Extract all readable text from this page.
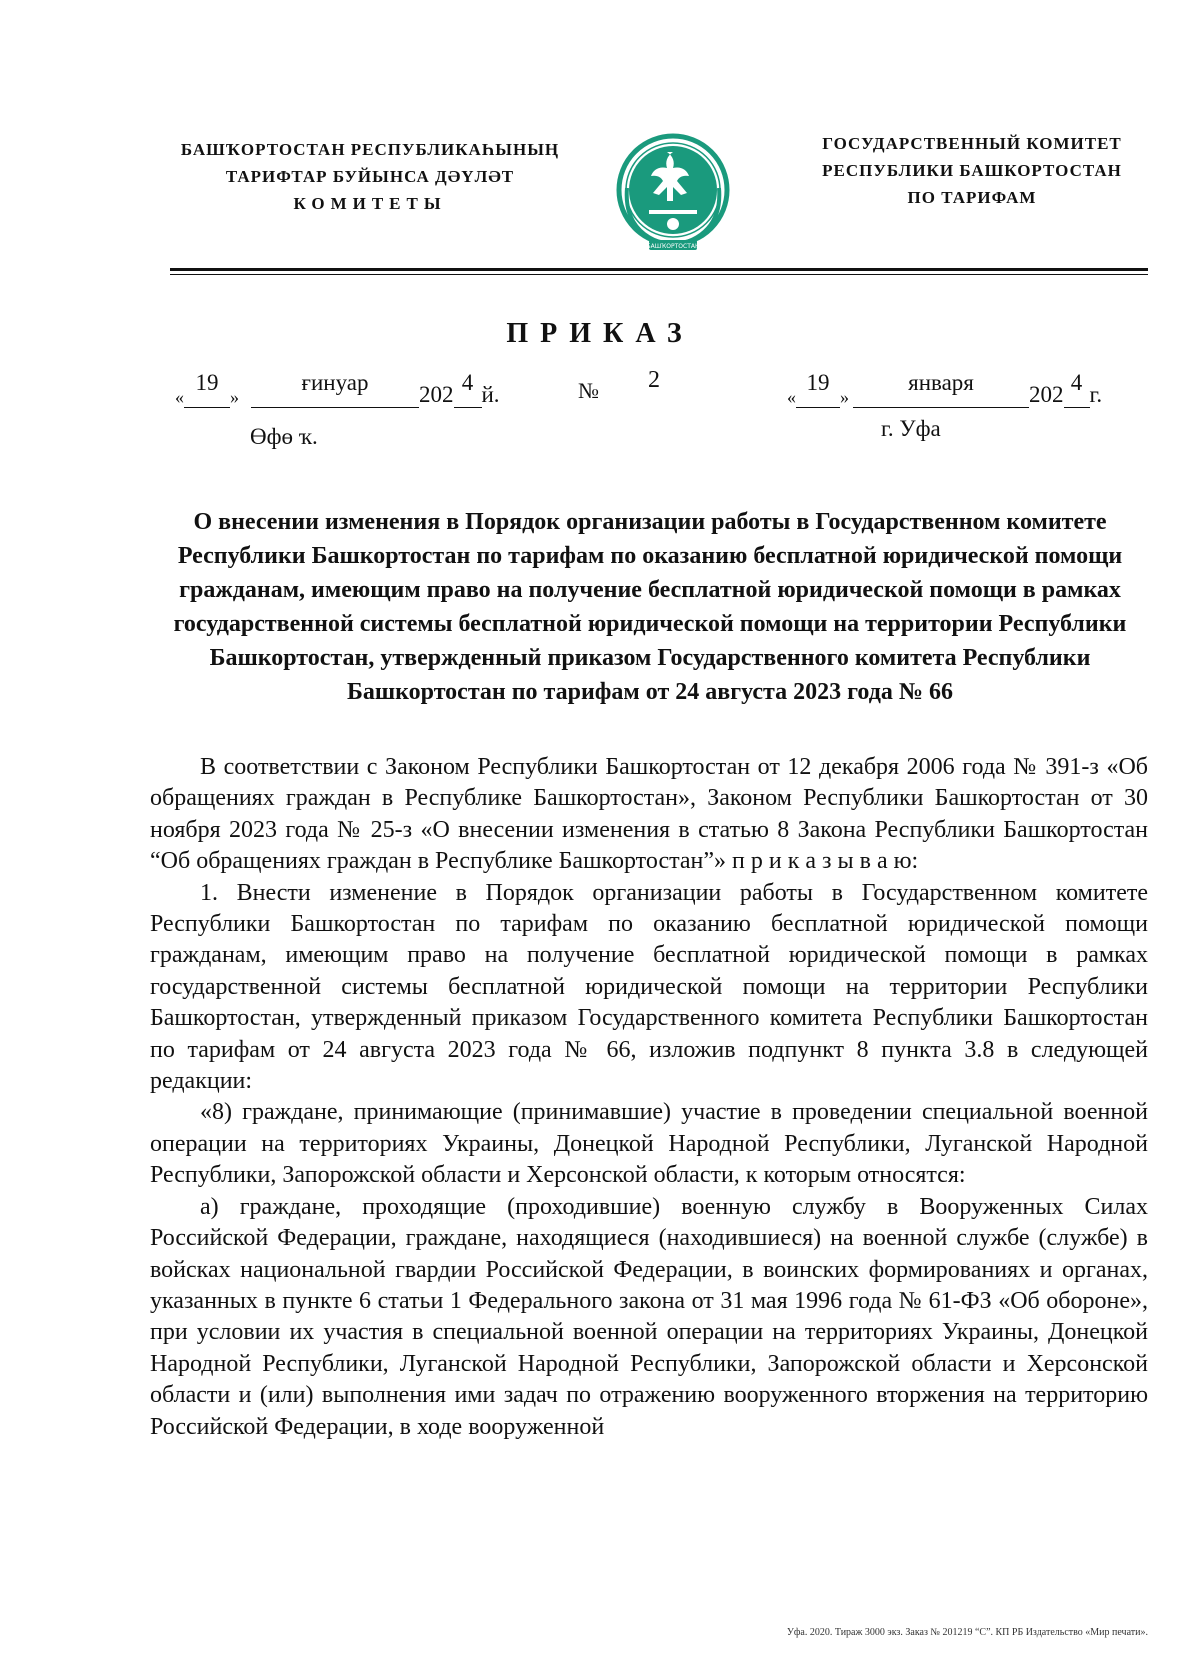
БАШҠОРТОСТАН РЕСПУБЛИКАҺЫНЫҢ
ТАРИФТАР БУЙЫНСА ДӘҮЛӘТ
КОМИТЕТЫ
БАШҠОРТОСТАН
ГОСУДАРСТВЕННЫЙ КОМИТЕТ
РЕСПУБЛИКИ БАШКОРТОСТАН
ПО ТАРИФАМ
ПРИКАЗ
«
19
»
ғинуар	202 4 й.	№ 2
«
19
»
января	202 4 г.
Өфө ҡ.	г. Уфа
О внесении изменения в Порядок организации работы в Государственном комитете Республики Башкортостан по тарифам по оказанию бесплатной юридической помощи гражданам, имеющим право на получение бесплатной юридической помощи в рамках государственной системы бесплатной юридической помощи на территории Республики Башкортостан, утвержденный приказом Государственного комитета Республики Башкортостан по тарифам от 24 августа 2023 года № 66

В соответствии с Законом Республики Башкортостан от 12 декабря 2006 года № 391-з «Об обращениях граждан в Республике Башкортостан», Законом Республики Башкортостан от 30 ноября 2023 года № 25-з «О внесении изменения в статью 8 Закона Республики Башкортостан “Об обращениях граждан в Республике Башкортостан”» п р и к а з ы в а ю:

1. Внести изменение в Порядок организации работы в Государственном комитете Республики Башкортостан по тарифам по оказанию бесплатной юридической помощи гражданам, имеющим право на получение бесплатной юридической помощи в рамках государственной системы бесплатной юридической помощи на территории Республики Башкортостан, утвержденный приказом Государственного комитета Республики Башкортостан по тарифам от 24 августа 2023 года № 66, изложив подпункт 8 пункта 3.8 в следующей редакции:

«8) граждане, принимающие (принимавшие) участие в проведении специальной военной операции на территориях Украины, Донецкой Народной Республики, Луганской Народной Республики, Запорожской области и Херсонской области, к которым относятся:

а) граждане, проходящие (проходившие) военную службу в Вооруженных Силах Российской Федерации, граждане, находящиеся (находившиеся) на военной службе (службе) в войсках национальной гвардии Российской Федерации, в воинских формированиях и органах, указанных в пункте 6 статьи 1 Федерального закона от 31 мая 1996 года № 61-ФЗ «Об обороне», при условии их участия в специальной военной операции на территориях Украины, Донецкой Народной Республики, Луганской Народной Республики, Запорожской области и Херсонской области и (или) выполнения ими задач по отражению вооруженного вторжения на территорию Российской Федерации, в ходе вооруженной

Уфа. 2020. Тираж 3000 экз. Заказ № 201219 “С”. КП РБ Издательство «Мир печати».
